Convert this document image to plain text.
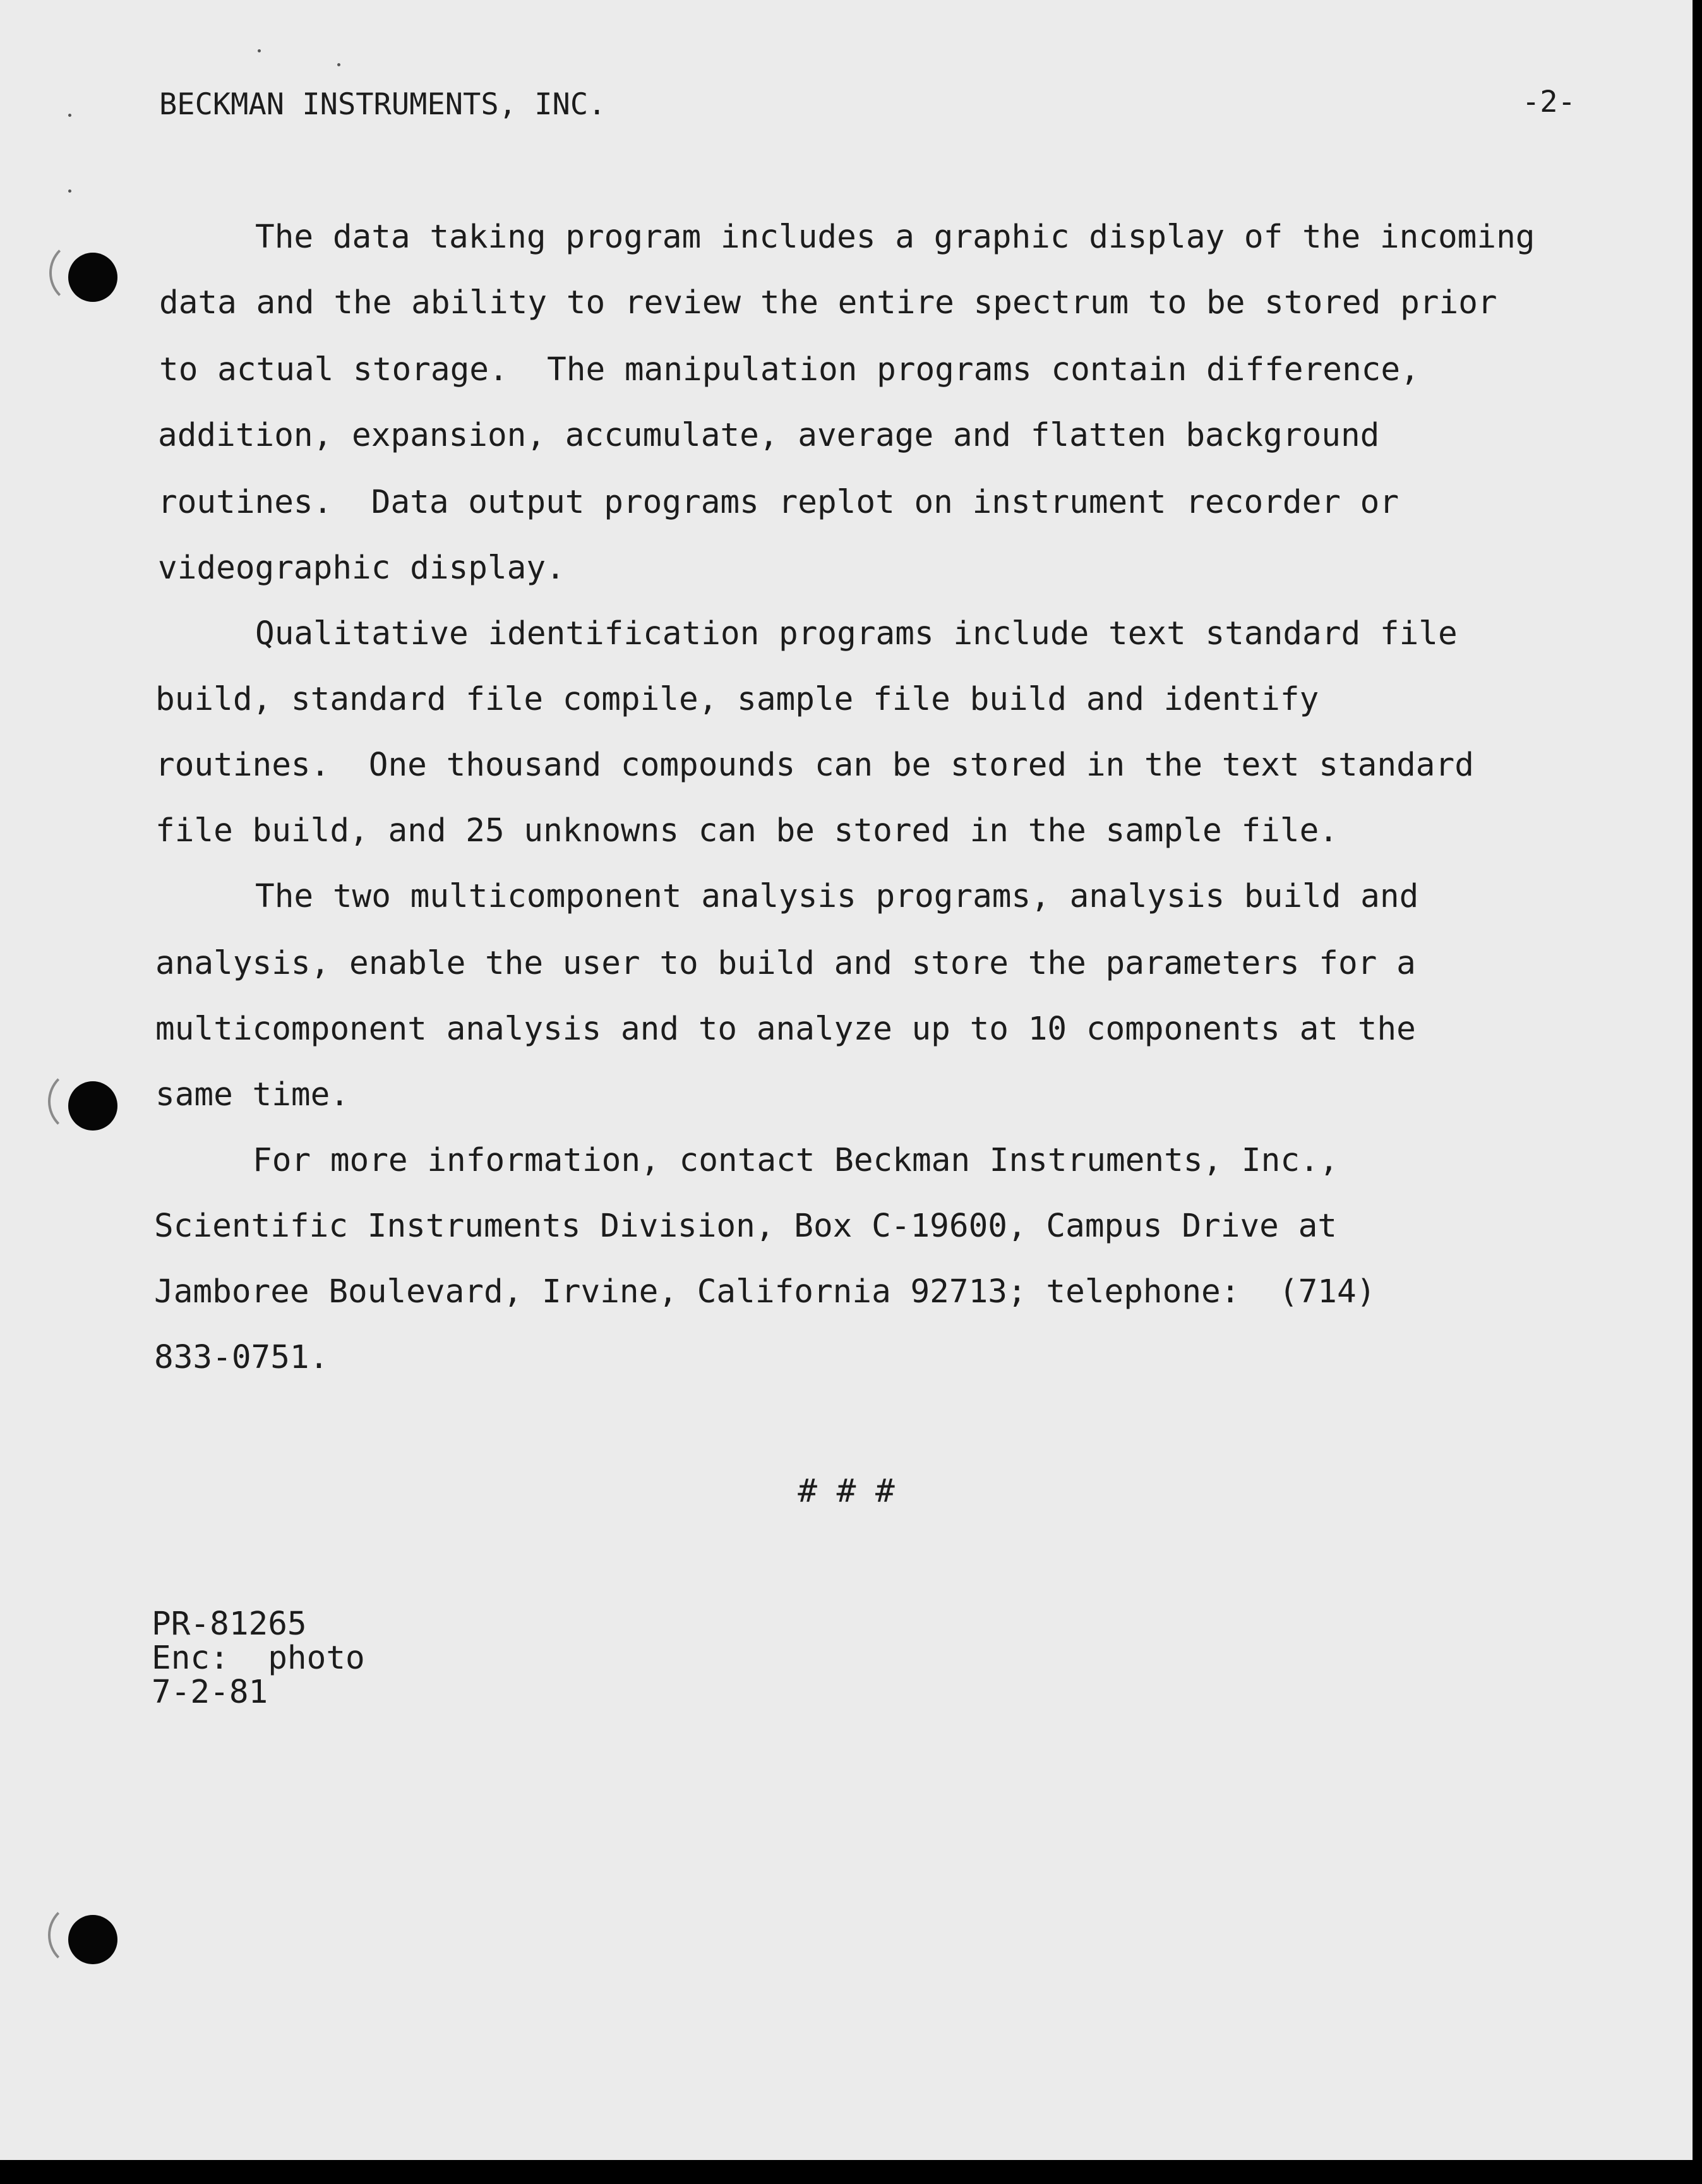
BECKMAN INSTRUMENTS, INC.	-2-
The data taking program includes a graphic display of the incoming
data and the ability to review the entire spectrum to be stored prior
to actual storage.  The manipulation programs contain difference,
addition, expansion, accumulate, average and flatten background
routines.  Data output programs replot on instrument recorder or
videographic display.
Qualitative identification programs include text standard file
build, standard file compile, sample file build and identify
routines.  One thousand compounds can be stored in the text standard
file build, and 25 unknowns can be stored in the sample file.
The two multicomponent analysis programs, analysis build and
analysis, enable the user to build and store the parameters for a
multicomponent analysis and to analyze up to 10 components at the
same time.
For more information, contact Beckman Instruments, Inc.,
Scientific Instruments Division, Box C-19600, Campus Drive at
Jamboree Boulevard, Irvine, California 92713; telephone:  (714)
833-0751.
# # #
PR-81265
Enc:  photo
7-2-81
